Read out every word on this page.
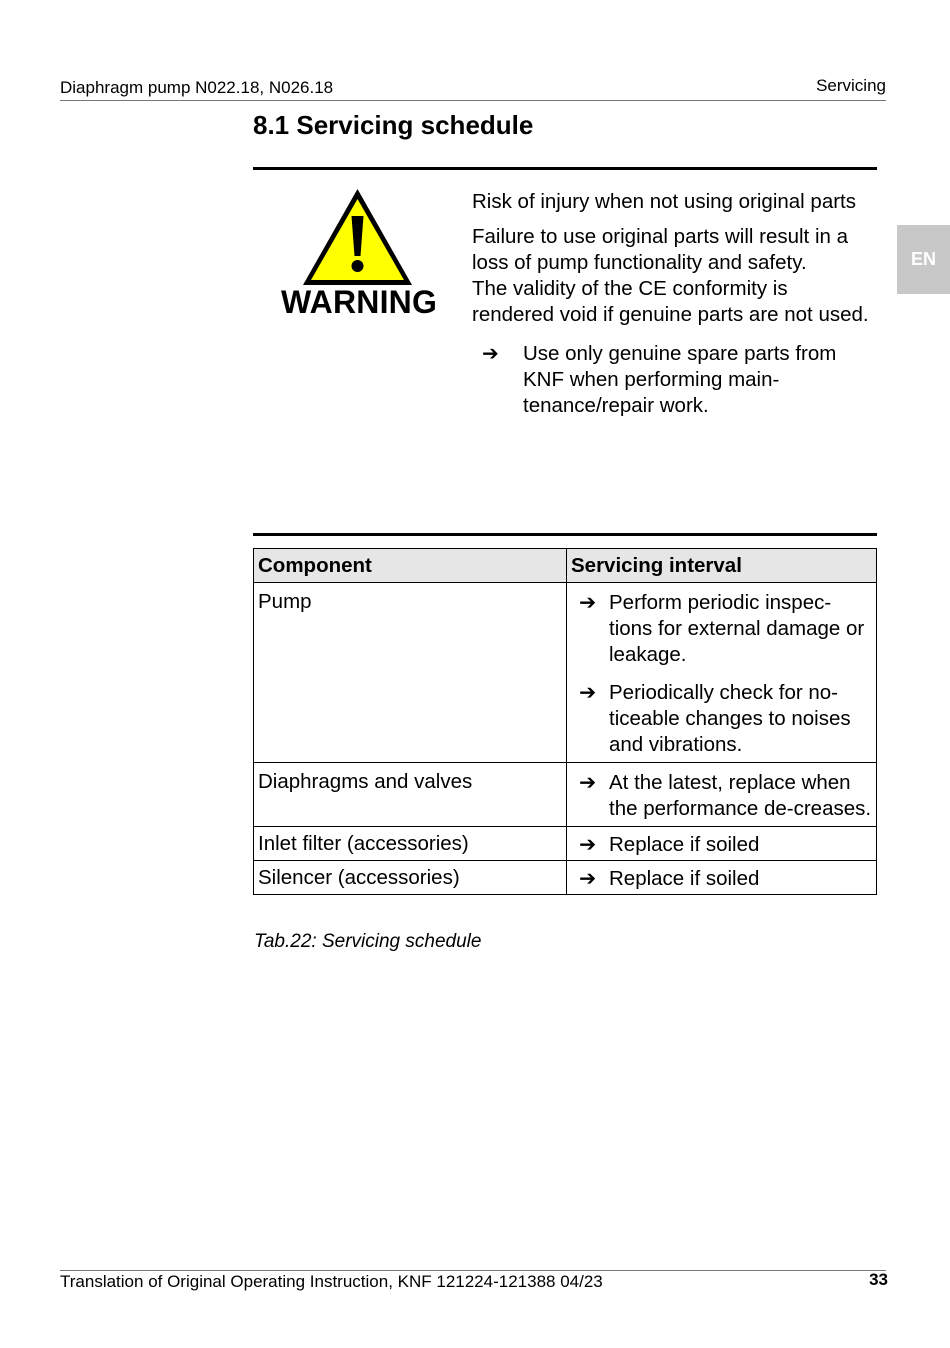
Diaphragm pump N022.18, N026.18	Servicing
8.1 Servicing schedule
EN
WARNING

Risk of injury when not using original parts

Failure to use original parts will result in a loss of pump functionality and safety.

The validity of the CE conformity is rendered void if genuine parts are not used.

➔	Use only genuine spare parts from KNF when performing main-tenance/repair work.
Component	Servicing interval
Pump	➔ Perform periodic inspec-tions for external damage or leakage.
➔ Periodically check for no-ticeable changes to noises and vibrations.

Diaphragms and valves	➔ At the latest, replace when the performance de-creases.

Inlet filter (accessories)	➔ Replace if soiled

Silencer (accessories)	➔ Replace if soiled
Tab.22: Servicing schedule
Translation of Original Operating Instruction, KNF 121224-121388 04/23	33
